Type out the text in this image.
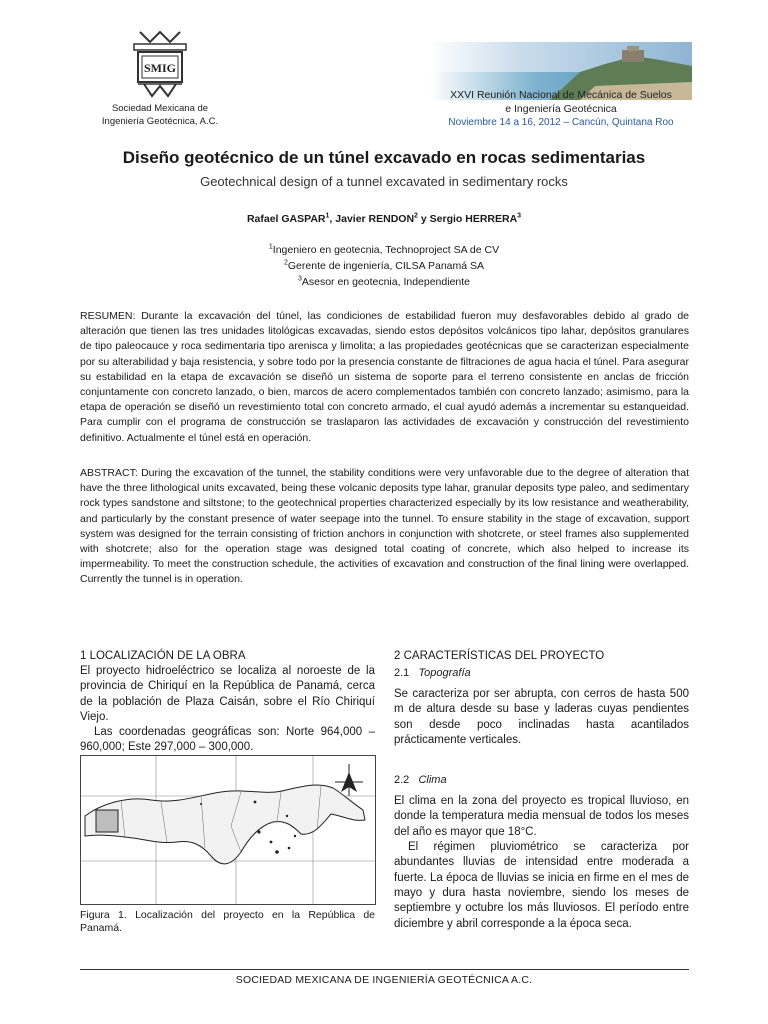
SMIG
Sociedad Mexicana de
Ingeniería Geotécnica, A.C.
XXVI Reunión Nacional de Mecánica de Suelos
e Ingeniería Geotécnica
Noviembre 14 a 16, 2012 – Cancún, Quintana Roo
Diseño geotécnico de un túnel excavado en rocas sedimentarias
Geotechnical design of a tunnel excavated in sedimentary rocks
Rafael GASPAR$^1$, Javier RENDON$^2$ y Sergio HERRERA$^3$
$^1$Ingeniero en geotecnia, Technoproject SA de CV
$^2$Gerente de ingeniería, CILSA Panamá SA
$^3$Asesor en geotecnia, Independiente
RESUMEN: Durante la excavación del túnel, las condiciones de estabilidad fueron muy desfavorables debido al grado de alteración que tienen las tres unidades litológicas excavadas, siendo estos depósitos volcánicos tipo lahar, depósitos granulares de tipo paleocauce y roca sedimentaria tipo arenisca y limolita; a las propiedades geotécnicas que se caracterizan especialmente por su alterabilidad y baja resistencia, y sobre todo por la presencia constante de filtraciones de agua hacia el túnel. Para asegurar su estabilidad en la etapa de excavación se diseñó un sistema de soporte para el terreno consistente en anclas de fricción conjuntamente con concreto lanzado, o bien, marcos de acero complementados también con concreto lanzado; asimismo, para la etapa de operación se diseñó un revestimiento total con concreto armado, el cual ayudó además a incrementar su estanqueidad. Para cumplir con el programa de construcción se traslaparon las actividades de excavación y construcción del revestimiento definitivo. Actualmente el túnel está en operación.
ABSTRACT: During the excavation of the tunnel, the stability conditions were very unfavorable due to the degree of alteration that have the three lithological units excavated, being these volcanic deposits type lahar, granular deposits type paleo, and sedimentary rock types sandstone and siltstone; to the geotechnical properties characterized especially by its low resistance and weatherability, and particularly by the constant presence of water seepage into the tunnel. To ensure stability in the stage of excavation, support system was designed for the terrain consisting of friction anchors in conjunction with shotcrete, or steel frames also supplemented with shotcrete; also for the operation stage was designed total coating of concrete, which also helped to increase its impermeability. To meet the construction schedule, the activities of excavation and construction of the final lining were overlapped. Currently the tunnel is in operation.
1 LOCALIZACIÓN DE LA OBRA
El proyecto hidroeléctrico se localiza al noroeste de la provincia de Chiriquí en la República de Panamá, cerca de la población de Plaza Caisán, sobre el Río Chiriquí Viejo.
Las coordenadas geográficas son: Norte 964,000 – 960,000; Este 297,000 – 300,000.
Figura 1. Localización del proyecto en la República de Panamá.
2 CARACTERÍSTICAS DEL PROYECTO
2.1 Topografía
Se caracteriza por ser abrupta, con cerros de hasta 500 m de altura desde su base y laderas cuyas pendientes son desde poco inclinadas hasta acantilados prácticamente verticales.
2.2 Clima
El clima en la zona del proyecto es tropical lluvioso, en donde la temperatura media mensual de todos los meses del año es mayor que 18°C.
El régimen pluviométrico se caracteriza por abundantes lluvias de intensidad entre moderada a fuerte. La época de lluvias se inicia en firme en el mes de mayo y dura hasta noviembre, siendo los meses de septiembre y octubre los más lluviosos. El período entre diciembre y abril corresponde a la época seca.
SOCIEDAD MEXICANA DE INGENIERÍA GEOTÉCNICA A.C.
